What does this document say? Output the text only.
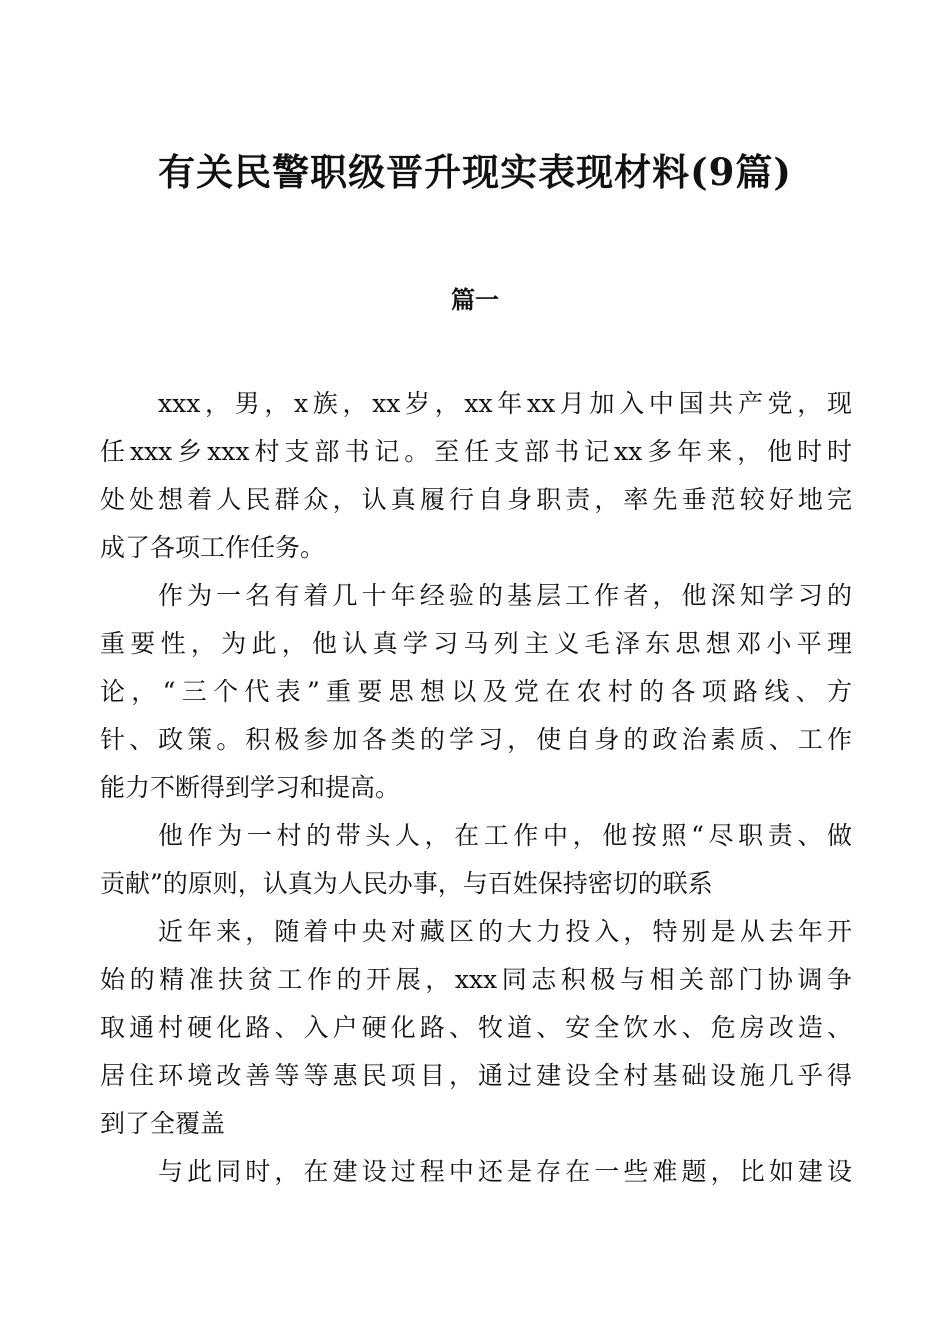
有关民警职级晋升现实表现材料(9篇)
篇一

xxx，男，x族，xx岁，xx年xx月加入中国共产党，现
任xxx乡xxx村支部书记。至任支部书记xx多年来，他时时
处处想着人民群众，认真履行自身职责，率先垂范较好地完
成了各项工作任务。

作为一名有着几十年经验的基层工作者，他深知学习的
重要性，为此，他认真学习马列主义毛泽东思想邓小平理
论，“三个代表”重要思想以及党在农村的各项路线、方
针、政策。积极参加各类的学习，使自身的政治素质、工作
能力不断得到学习和提高。

他作为一村的带头人，在工作中，他按照“尽职责、做
贡献”的原则，认真为人民办事，与百姓保持密切的联系

近年来，随着中央对藏区的大力投入，特别是从去年开
始的精准扶贫工作的开展，xxx同志积极与相关部门协调争
取通村硬化路、入户硬化路、牧道、安全饮水、危房改造、
居住环境改善等等惠民项目，通过建设全村基础设施几乎得
到了全覆盖

与此同时，在建设过程中还是存在一些难题，比如建设
